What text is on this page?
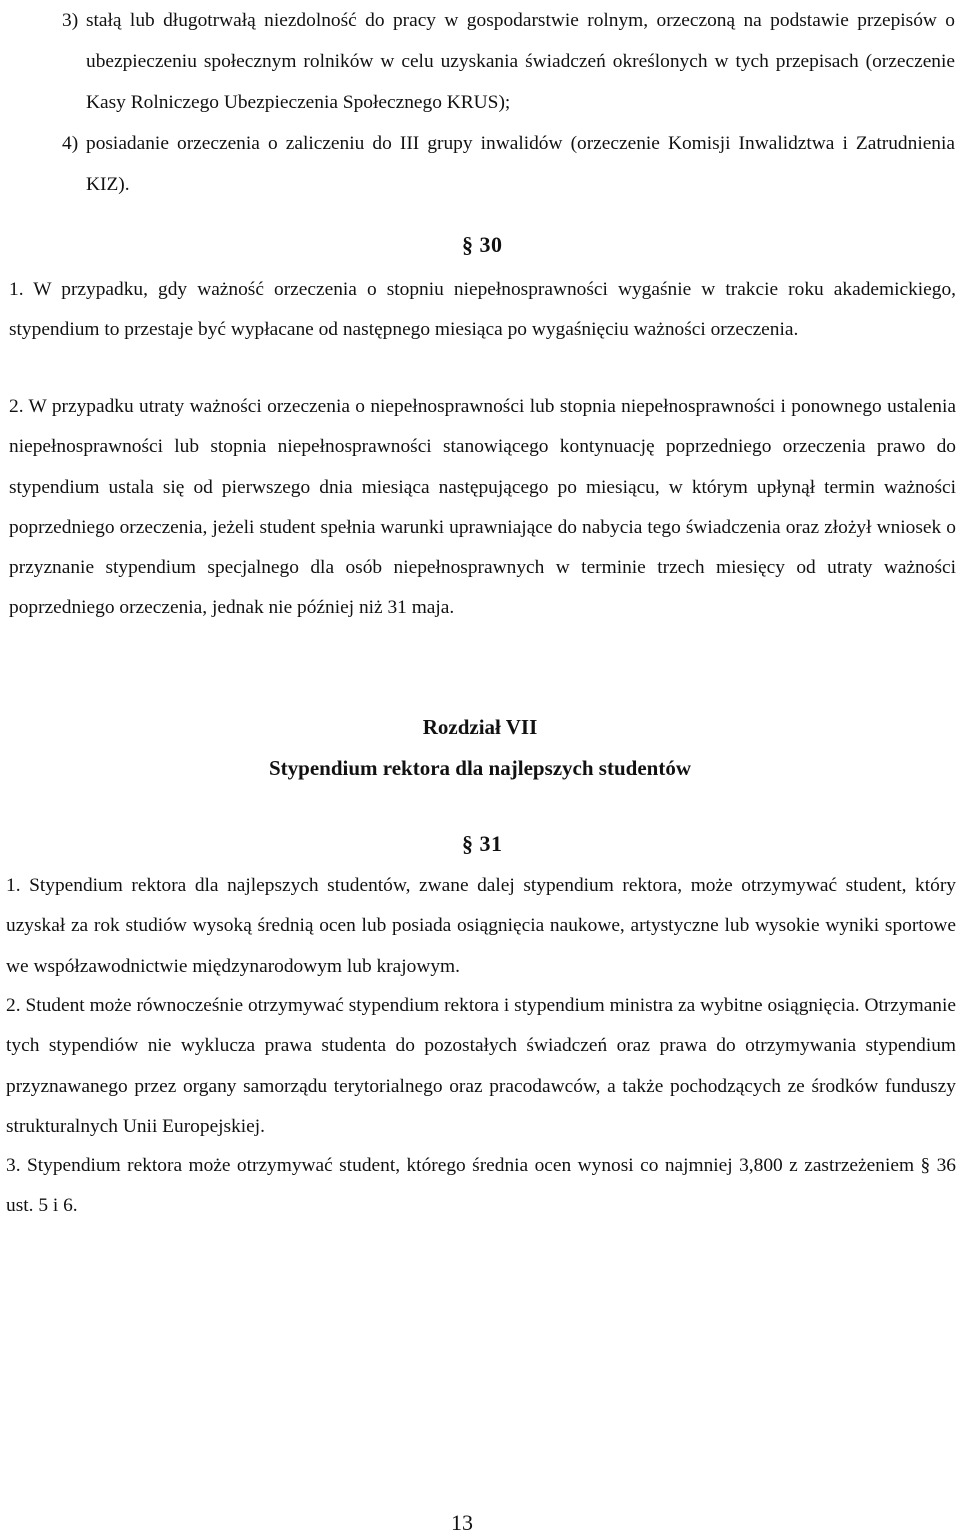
3) stałą lub długotrwałą niezdolność do pracy w gospodarstwie rolnym, orzeczoną na podstawie przepisów o ubezpieczeniu społecznym rolników w celu uzyskania świadczeń określonych w tych przepisach (orzeczenie Kasy Rolniczego Ubezpieczenia Społecznego KRUS);
4) posiadanie orzeczenia o zaliczeniu do III grupy inwalidów (orzeczenie Komisji Inwalidztwa i Zatrudnienia KIZ).
§ 30

1. W przypadku, gdy ważność orzeczenia o stopniu niepełnosprawności wygaśnie w trakcie roku akademickiego, stypendium to przestaje być wypłacane od następnego miesiąca po wygaśnięciu ważności orzeczenia.

2. W przypadku utraty ważności orzeczenia o niepełnosprawności lub stopnia niepełnosprawności i ponownego ustalenia niepełnosprawności lub stopnia niepełnosprawności stanowiącego kontynuację poprzedniego orzeczenia prawo do stypendium ustala się od pierwszego dnia miesiąca następującego po miesiącu, w którym upłynął termin ważności poprzedniego orzeczenia, jeżeli student spełnia warunki uprawniające do nabycia tego świadczenia oraz złożył wniosek o przyznanie stypendium specjalnego dla osób niepełnosprawnych w terminie trzech miesięcy od utraty ważności poprzedniego orzeczenia, jednak nie później niż 31 maja.

Rozdział VII
Stypendium rektora dla najlepszych studentów
§ 31

1. Stypendium rektora dla najlepszych studentów, zwane dalej stypendium rektora, może otrzymywać student, który uzyskał za rok studiów wysoką średnią ocen lub posiada osiągnięcia naukowe, artystyczne lub wysokie wyniki sportowe we współzawodnictwie międzynarodowym lub krajowym.

2. Student może równocześnie otrzymywać stypendium rektora i stypendium ministra za wybitne osiągnięcia. Otrzymanie tych stypendiów nie wyklucza prawa studenta do pozostałych świadczeń oraz prawa do otrzymywania stypendium przyznawanego przez organy samorządu terytorialnego oraz pracodawców, a także pochodzących ze środków funduszy strukturalnych Unii Europejskiej.

3. Stypendium rektora może otrzymywać student, którego średnia ocen wynosi co najmniej 3,800 z zastrzeżeniem § 36 ust. 5 i 6.

13
